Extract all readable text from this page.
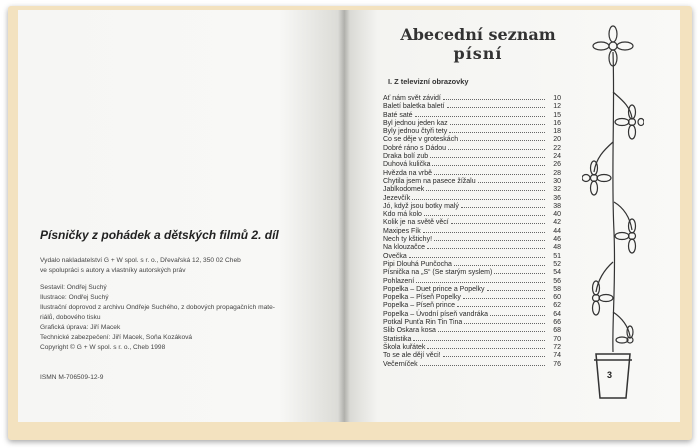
Písničky z pohádek a dětských filmů 2. díl
Vydalo nakladatelství G + W spol. s r. o., Dřevařská 12, 350 02 Cheb
ve spolupráci s autory a vlastníky autorských práv
Sestavil: Ondřej Suchý
Ilustrace: Ondřej Suchý
Ilustrační doprovod z archivu Ondřeje Suchého, z dobových propagačních mate-
riálů, dobového tisku
Grafická úprava: Jiří Macek
Technické zabezpečení: Jiří Macek, Soňa Kozáková
Copyright © G + W spol. s r. o., Cheb 1998
ISMN M-706509-12-9
Abecední seznam
písní
I. Z televizní obrazovky
Ať nám svět závidí	10
Baletí baletka baletí	12
Baté saté	15
Byl jednou jeden kaz	16
Byly jednou čtyři tety	18
Co se děje v groteskách	20
Dobré ráno s Dádou	22
Draka bolí zub	24
Duhová kulička	26
Hvězda na vrbě	28
Chytila jsem na pasece žížalu	30
Jablkodomek	32
Jezevčík	36
Jó, když jsou botky malý	38
Kdo má kolo	40
Kolik je na světě věcí	42
Maxipes Fík	44
Nech ty kštichy!	46
Na klouzačce	48
Ovečka	51
Pipi Dlouhá Punčocha	52
Písnička na „S“ (Se starým syslem)	54
Pohlazení	56
Popelka – Duet prince a Popelky	58
Popelka – Píseň Popelky	60
Popelka – Píseň prince	62
Popelka – Úvodní píseň vandráka	64
Potkal Punťa Rin Tin Tina	66
Slib Oskara kosa	68
Statistika	70
Škola kuřátek	72
To se ale dějí věci!	74
Večerníček	76
3
